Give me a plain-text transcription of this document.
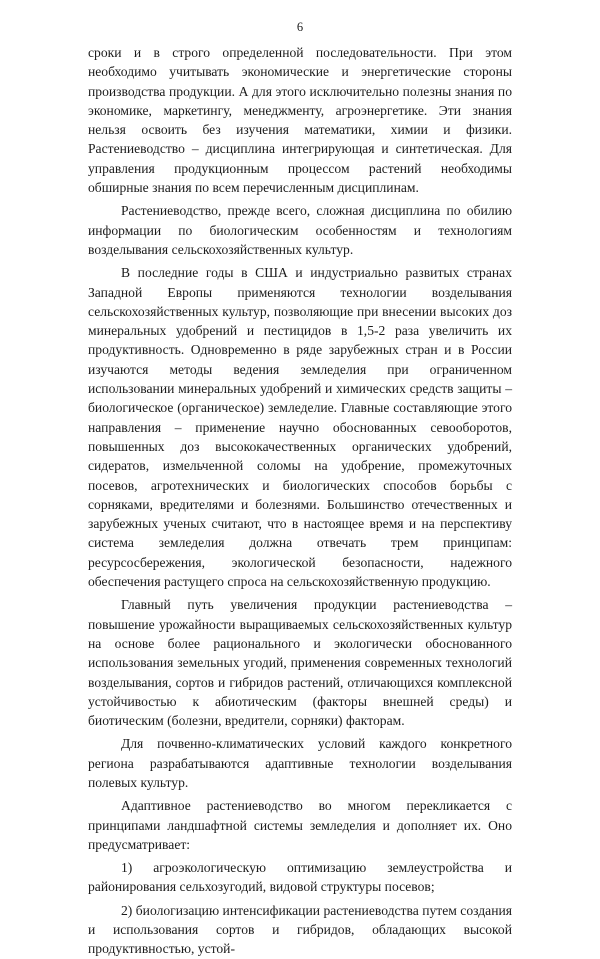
6

сроки и в строго определенной последовательности. При этом необходимо учитывать экономические и энергетические стороны производства продукции. А для этого исключительно полезны знания по экономике, маркетингу, менеджменту, агроэнергетике. Эти знания нельзя освоить без изучения математики, химии и физики. Растениеводство – дисциплина интегрирующая и синтетическая. Для управления продукционным процессом растений необходимы обширные знания по всем перечисленным дисциплинам.

Растениеводство, прежде всего, сложная дисциплина по обилию информации по биологическим особенностям и технологиям возделывания сельскохозяйственных культур.

В последние годы в США и индустриально развитых странах Западной Европы применяются технологии возделывания сельскохозяйственных культур, позволяющие при внесении высоких доз минеральных удобрений и пестицидов в 1,5-2 раза увеличить их продуктивность. Одновременно в ряде зарубежных стран и в России изучаются методы ведения земледелия при ограниченном использовании минеральных удобрений и химических средств защиты – биологическое (органическое) земледелие. Главные составляющие этого направления – применение научно обоснованных севооборотов, повышенных доз высококачественных органических удобрений, сидератов, измельченной соломы на удобрение, промежуточных посевов, агротехнических и биологических способов борьбы с сорняками, вредителями и болезнями. Большинство отечественных и зарубежных ученых считают, что в настоящее время и на перспективу система земледелия должна отвечать трем принципам: ресурсосбережения, экологической безопасности, надежного обеспечения растущего спроса на сельскохозяйственную продукцию.

Главный путь увеличения продукции растениеводства – повышение урожайности выращиваемых сельскохозяйственных культур на основе более рационального и экологически обоснованного использования земельных угодий, применения современных технологий возделывания, сортов и гибридов растений, отличающихся комплексной устойчивостью к абиотическим (факторы внешней среды) и биотическим (болезни, вредители, сорняки) факторам.

Для почвенно-климатических условий каждого конкретного региона разрабатываются адаптивные технологии возделывания полевых культур.

Адаптивное растениеводство во многом перекликается с принципами ландшафтной системы земледелия и дополняет их. Оно предусматривает:

1) агроэкологическую оптимизацию землеустройства и районирования сельхозугодий, видовой структуры посевов;

2) биологизацию интенсификации растениеводства путем создания и использования сортов и гибридов, обладающих высокой продуктивностью, устой-
